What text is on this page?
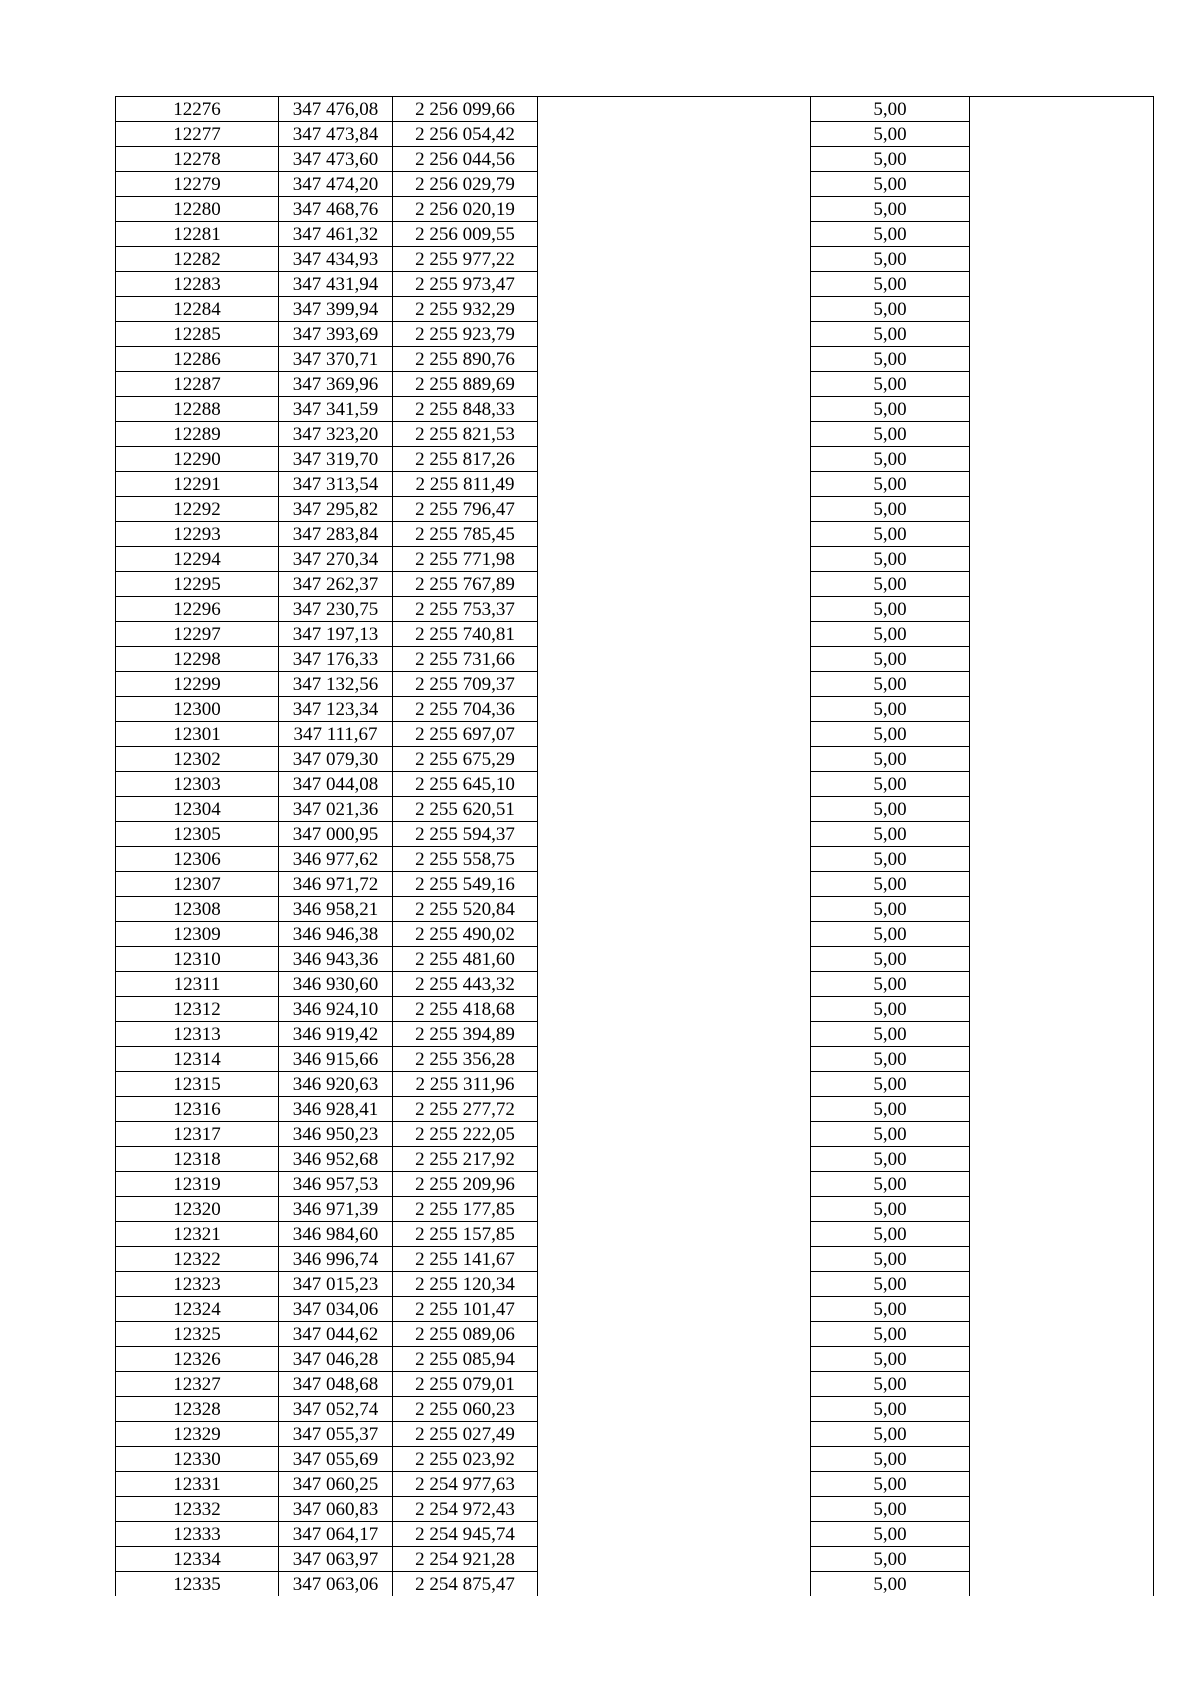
12276	347 476,08	2 256 099,66		5,00	
12277	347 473,84	2 256 054,42		5,00	
12278	347 473,60	2 256 044,56		5,00	
12279	347 474,20	2 256 029,79		5,00	
12280	347 468,76	2 256 020,19		5,00	
12281	347 461,32	2 256 009,55		5,00	
12282	347 434,93	2 255 977,22		5,00	
12283	347 431,94	2 255 973,47		5,00	
12284	347 399,94	2 255 932,29		5,00	
12285	347 393,69	2 255 923,79		5,00	
12286	347 370,71	2 255 890,76		5,00	
12287	347 369,96	2 255 889,69		5,00	
12288	347 341,59	2 255 848,33		5,00	
12289	347 323,20	2 255 821,53		5,00	
12290	347 319,70	2 255 817,26		5,00	
12291	347 313,54	2 255 811,49		5,00	
12292	347 295,82	2 255 796,47		5,00	
12293	347 283,84	2 255 785,45		5,00	
12294	347 270,34	2 255 771,98		5,00	
12295	347 262,37	2 255 767,89		5,00	
12296	347 230,75	2 255 753,37		5,00	
12297	347 197,13	2 255 740,81		5,00	
12298	347 176,33	2 255 731,66		5,00	
12299	347 132,56	2 255 709,37		5,00	
12300	347 123,34	2 255 704,36		5,00	
12301	347 111,67	2 255 697,07		5,00	
12302	347 079,30	2 255 675,29		5,00	
12303	347 044,08	2 255 645,10		5,00	
12304	347 021,36	2 255 620,51		5,00	
12305	347 000,95	2 255 594,37		5,00	
12306	346 977,62	2 255 558,75		5,00	
12307	346 971,72	2 255 549,16		5,00	
12308	346 958,21	2 255 520,84		5,00	
12309	346 946,38	2 255 490,02		5,00	
12310	346 943,36	2 255 481,60		5,00	
12311	346 930,60	2 255 443,32		5,00	
12312	346 924,10	2 255 418,68		5,00	
12313	346 919,42	2 255 394,89		5,00	
12314	346 915,66	2 255 356,28		5,00	
12315	346 920,63	2 255 311,96		5,00	
12316	346 928,41	2 255 277,72		5,00	
12317	346 950,23	2 255 222,05		5,00	
12318	346 952,68	2 255 217,92		5,00	
12319	346 957,53	2 255 209,96		5,00	
12320	346 971,39	2 255 177,85		5,00	
12321	346 984,60	2 255 157,85		5,00	
12322	346 996,74	2 255 141,67		5,00	
12323	347 015,23	2 255 120,34		5,00	
12324	347 034,06	2 255 101,47		5,00	
12325	347 044,62	2 255 089,06		5,00	
12326	347 046,28	2 255 085,94		5,00	
12327	347 048,68	2 255 079,01		5,00	
12328	347 052,74	2 255 060,23		5,00	
12329	347 055,37	2 255 027,49		5,00	
12330	347 055,69	2 255 023,92		5,00	
12331	347 060,25	2 254 977,63		5,00	
12332	347 060,83	2 254 972,43		5,00	
12333	347 064,17	2 254 945,74		5,00	
12334	347 063,97	2 254 921,28		5,00	
12335	347 063,06	2 254 875,47		5,00	
